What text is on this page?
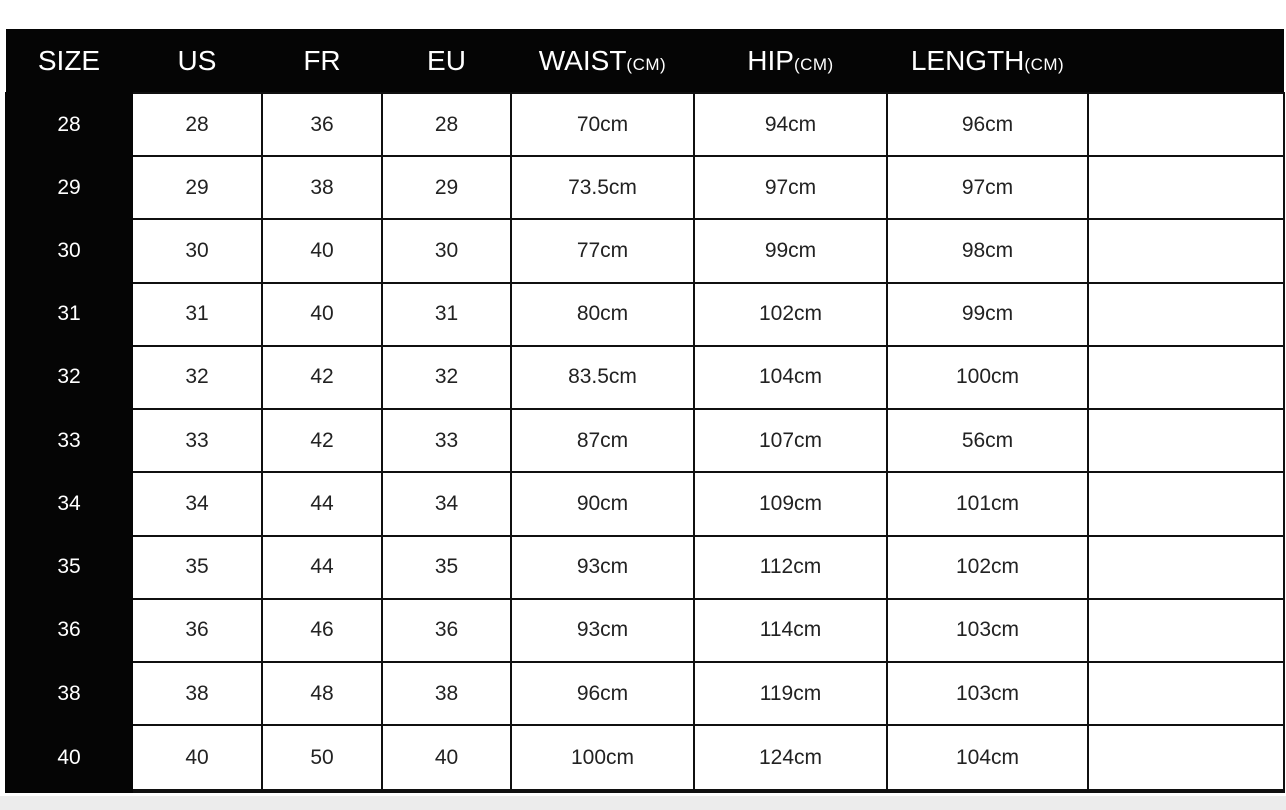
SIZE	US	FR	EU	WAIST(CM)	HIP(CM)	LENGTH(CM)	
28	28	36	28	70cm	94cm	96cm	
29	29	38	29	73.5cm	97cm	97cm	
30	30	40	30	77cm	99cm	98cm	
31	31	40	31	80cm	102cm	99cm	
32	32	42	32	83.5cm	104cm	100cm	
33	33	42	33	87cm	107cm	56cm	
34	34	44	34	90cm	109cm	101cm	
35	35	44	35	93cm	112cm	102cm	
36	36	46	36	93cm	114cm	103cm	
38	38	48	38	96cm	119cm	103cm	
40	40	50	40	100cm	124cm	104cm	
